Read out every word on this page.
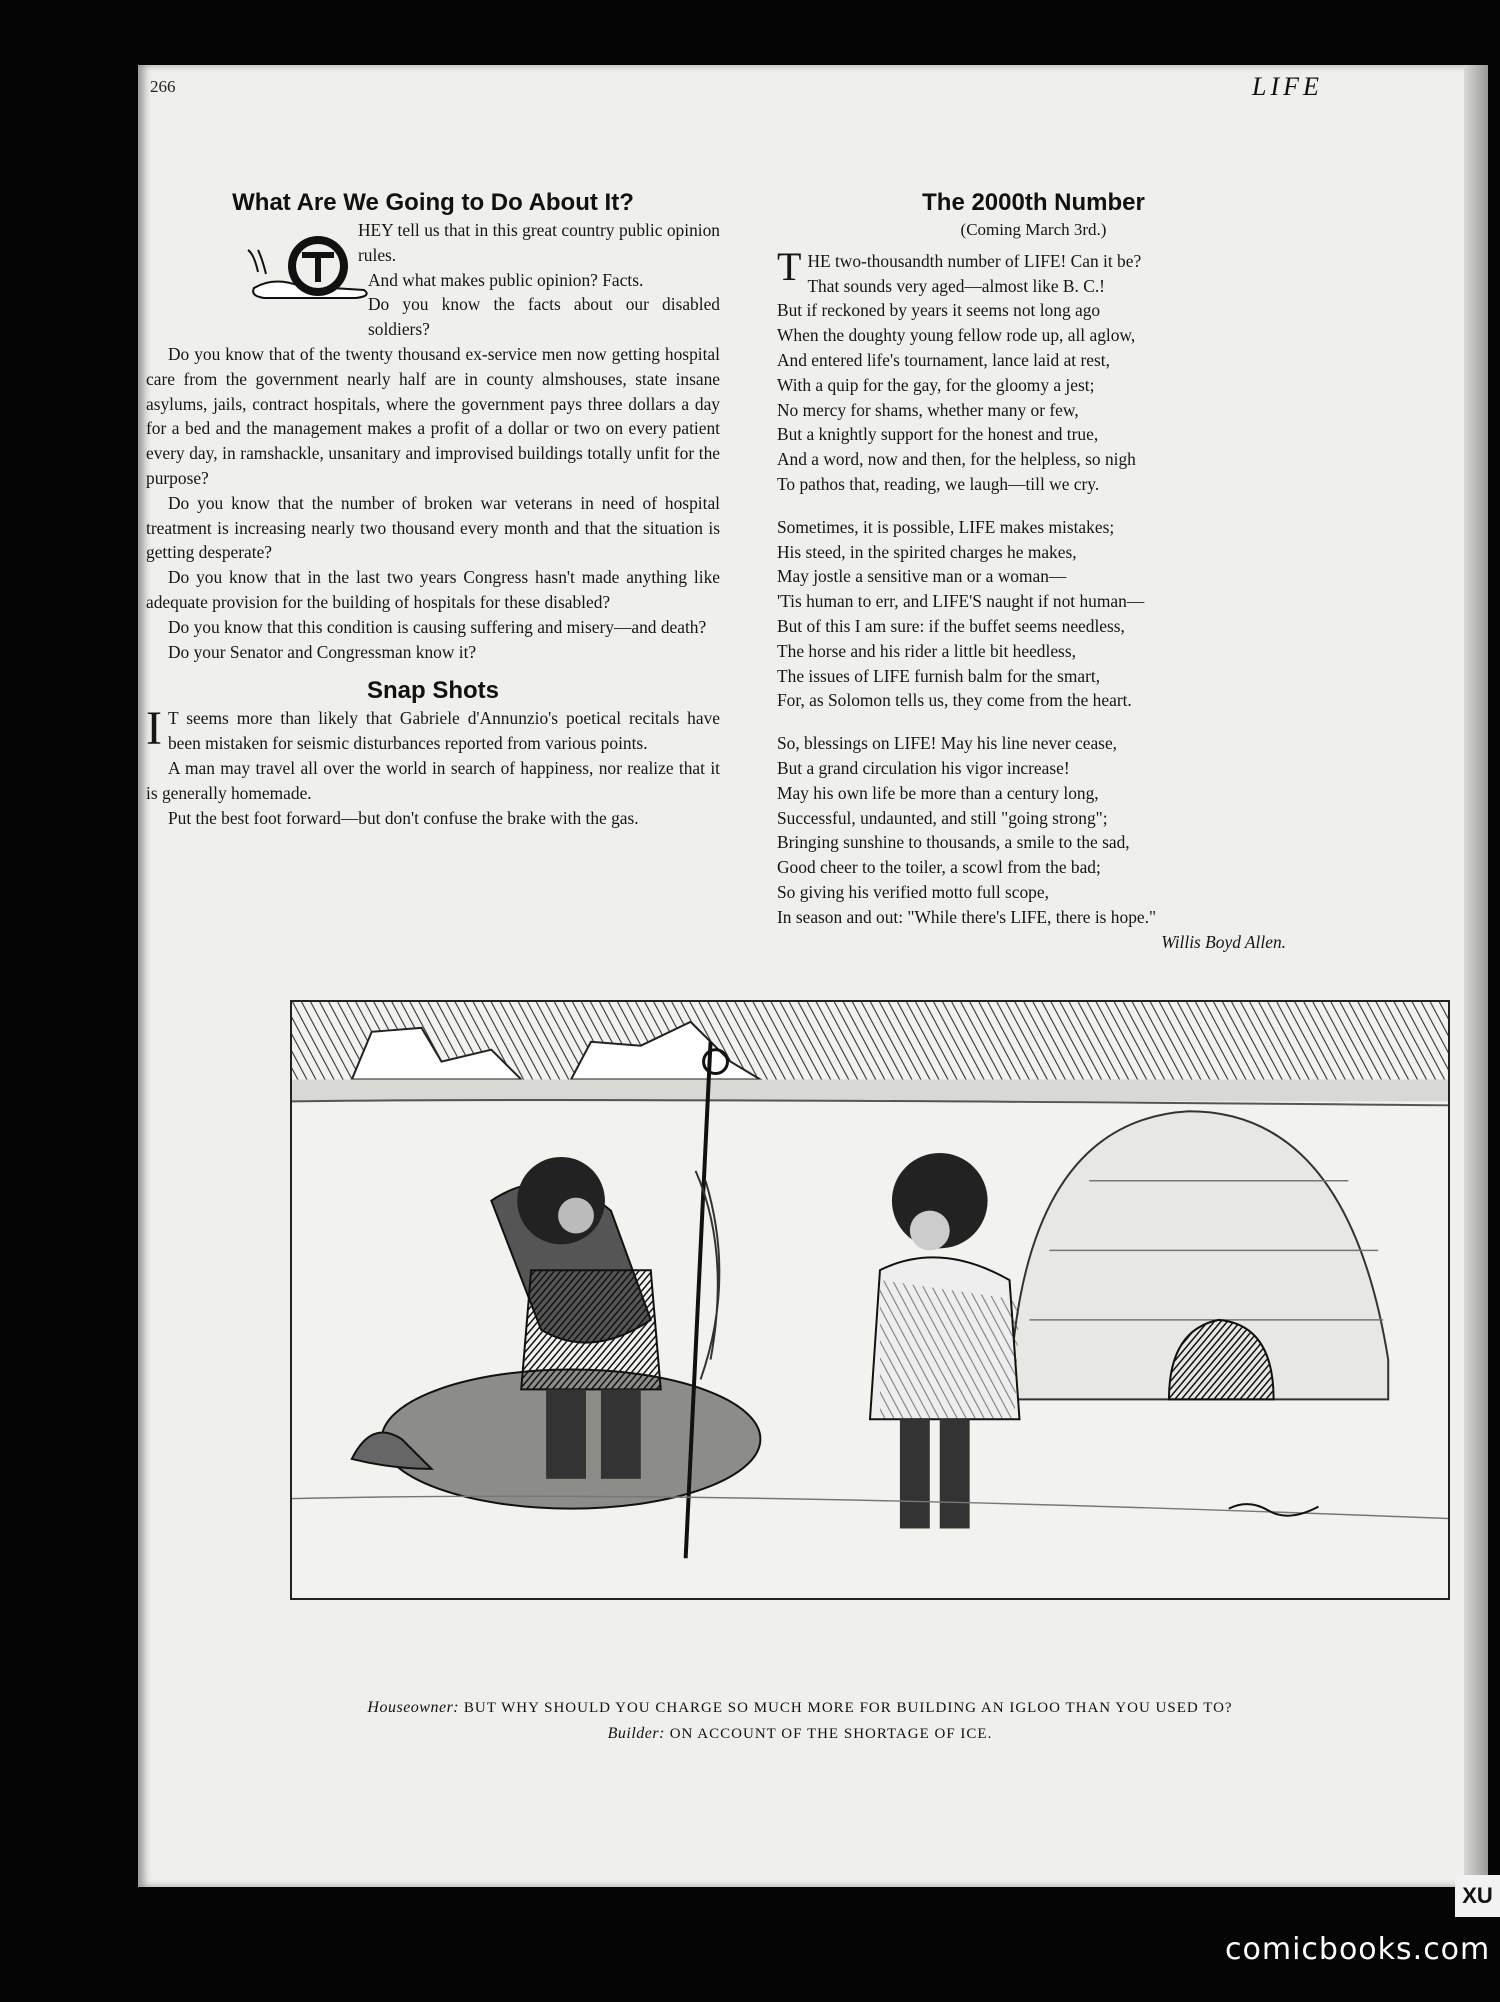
266	LIFE
What Are We Going to Do About It?

HEY tell us that in this great country public opinion rules.

And what makes public opinion? Facts.

Do you know the facts about our disabled soldiers?

Do you know that of the twenty thousand ex-service men now getting hospital care from the government nearly half are in county almshouses, state insane asylums, jails, contract hospitals, where the government pays three dollars a day for a bed and the management makes a profit of a dollar or two on every patient every day, in ramshackle, unsanitary and improvised buildings totally unfit for the purpose?

Do you know that the number of broken war veterans in need of hospital treatment is increasing nearly two thousand every month and that the situation is getting desperate?

Do you know that in the last two years Congress hasn't made anything like adequate provision for the building of hospitals for these disabled?

Do you know that this condition is causing suffering and misery—and death?

Do your Senator and Congressman know it?

Snap Shots

I T seems more than likely that Gabriele d'Annunzio's poetical recitals have been mistaken for seismic disturbances reported from various points.

A man may travel all over the world in search of happiness, nor realize that it is generally homemade.

Put the best foot forward—but don't confuse the brake with the gas.

The 2000th Number

(Coming March 3rd.)

THE two-thousandth number of LIFE! Can it be?

That sounds very aged—almost like B. C.!

But if reckoned by years it seems not long ago

When the doughty young fellow rode up, all aglow,

And entered life's tournament, lance laid at rest,

With a quip for the gay, for the gloomy a jest;

No mercy for shams, whether many or few,

But a knightly support for the honest and true,

And a word, now and then, for the helpless, so nigh

To pathos that, reading, we laugh—till we cry.

Sometimes, it is possible, LIFE makes mistakes;

His steed, in the spirited charges he makes,

May jostle a sensitive man or a woman—

'Tis human to err, and LIFE'S naught if not human—

But of this I am sure: if the buffet seems needless,

The horse and his rider a little bit heedless,

The issues of LIFE furnish balm for the smart,

For, as Solomon tells us, they come from the heart.

So, blessings on LIFE! May his line never cease,

But a grand circulation his vigor increase!

May his own life be more than a century long,

Successful, undaunted, and still "going strong";

Bringing sunshine to thousands, a smile to the sad,

Good cheer to the toiler, a scowl from the bad;

So giving his verified motto full scope,

In season and out: "While there's LIFE, there is hope."

Willis Boyd Allen.

Houseowner: BUT WHY SHOULD YOU CHARGE SO MUCH MORE FOR BUILDING AN IGLOO THAN YOU USED TO?
Builder: ON ACCOUNT OF THE SHORTAGE OF ICE.
XU
comicbooks.com
